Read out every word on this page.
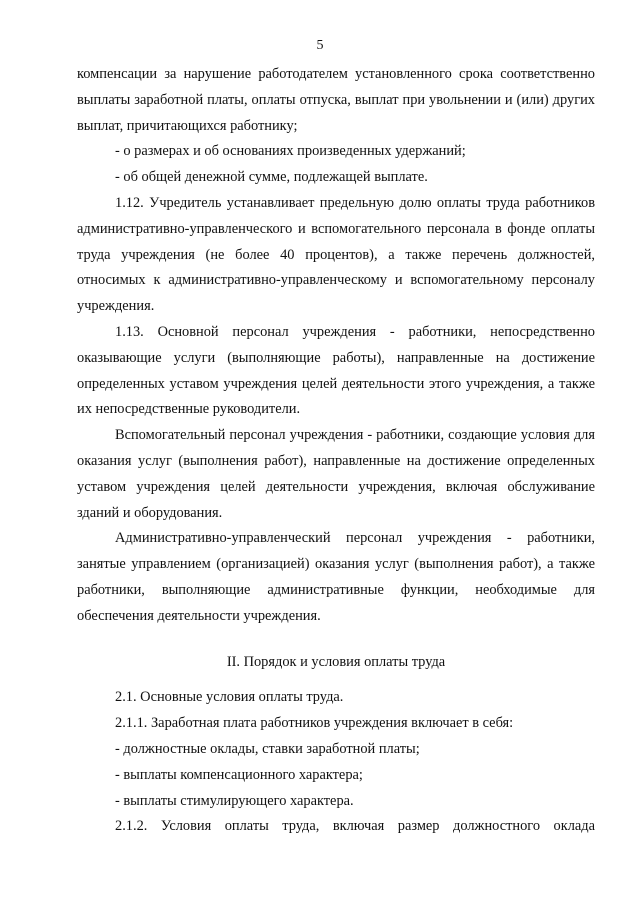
5

компенсации за нарушение работодателем установленного срока соответственно выплаты заработной платы, оплаты отпуска, выплат при увольнении и (или) других выплат, причитающихся работнику;

- о размерах и об основаниях произведенных удержаний;

- об общей денежной сумме, подлежащей выплате.

1.12. Учредитель устанавливает предельную долю оплаты труда работников административно-управленческого и вспомогательного персонала в фонде оплаты труда учреждения (не более 40 процентов), а также перечень должностей, относимых к административно-управленческому и вспомогательному персоналу учреждения.

1.13. Основной персонал учреждения - работники, непосредственно оказывающие услуги (выполняющие работы), направленные на достижение определенных уставом учреждения целей деятельности этого учреждения, а также их непосредственные руководители.

Вспомогательный персонал учреждения - работники, создающие условия для оказания услуг (выполнения работ), направленные на достижение определенных уставом учреждения целей деятельности учреждения, включая обслуживание зданий и оборудования.

Административно-управленческий персонал учреждения - работники, занятые управлением (организацией) оказания услуг (выполнения работ), а также работники, выполняющие административные функции, необходимые для обеспечения деятельности учреждения.

II. Порядок и условия оплаты труда

2.1. Основные условия оплаты труда.

2.1.1. Заработная плата работников учреждения включает в себя:

- должностные оклады, ставки заработной платы;

- выплаты компенсационного характера;

- выплаты стимулирующего характера.

2.1.2. Условия оплаты труда, включая размер должностного оклада
